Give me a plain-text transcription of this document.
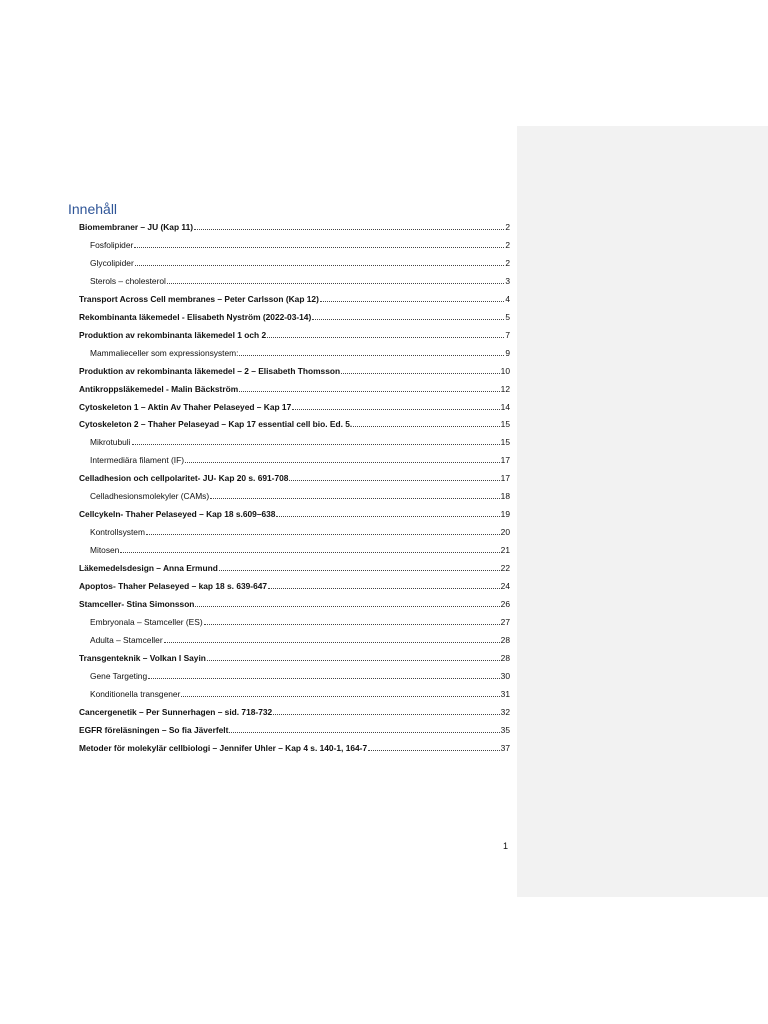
Innehåll
Biomembraner – JU (Kap 11)	2
Fosfolipider	2
Glycolipider	2
Sterols – cholesterol	3
Transport Across Cell membranes – Peter Carlsson (Kap 12)	4
Rekombinanta läkemedel - Elisabeth Nyström (2022-03-14)	5
Produktion av rekombinanta läkemedel 1 och 2	7
Mammalieceller som expressionsystem:	9
Produktion av rekombinanta läkemedel – 2 – Elisabeth Thomsson	10
Antikroppsläkemedel - Malin Bäckström	12
Cytoskeleton 1 – Aktin Av Thaher Pelaseyed – Kap 17	14
Cytoskeleton 2 – Thaher Pelaseyad – Kap 17 essential cell bio. Ed. 5.	15
Mikrotubuli	15
Intermediära filament (IF)	17
Celladhesion och cellpolaritet- JU- Kap 20 s. 691-708	17
Celladhesionsmolekyler (CAMs)	18
Cellcykeln- Thaher Pelaseyed – Kap 18 s.609–638	19
Kontrollsystem	20
Mitosen	21
Läkemedelsdesign – Anna Ermund	22
Apoptos- Thaher Pelaseyed – kap 18 s. 639-647	24
Stamceller- Stina Simonsson	26
Embryonala – Stamceller (ES)	27
Adulta – Stamceller	28
Transgenteknik – Volkan I Sayin	28
Gene Targeting	30
Konditionella transgener	31
Cancergenetik – Per Sunnerhagen – sid. 718-732	32
EGFR föreläsningen – So fia Jäverfelt	35
Metoder för molekylär cellbiologi – Jennifer Uhler – Kap 4 s. 140-1, 164-7	37
1
